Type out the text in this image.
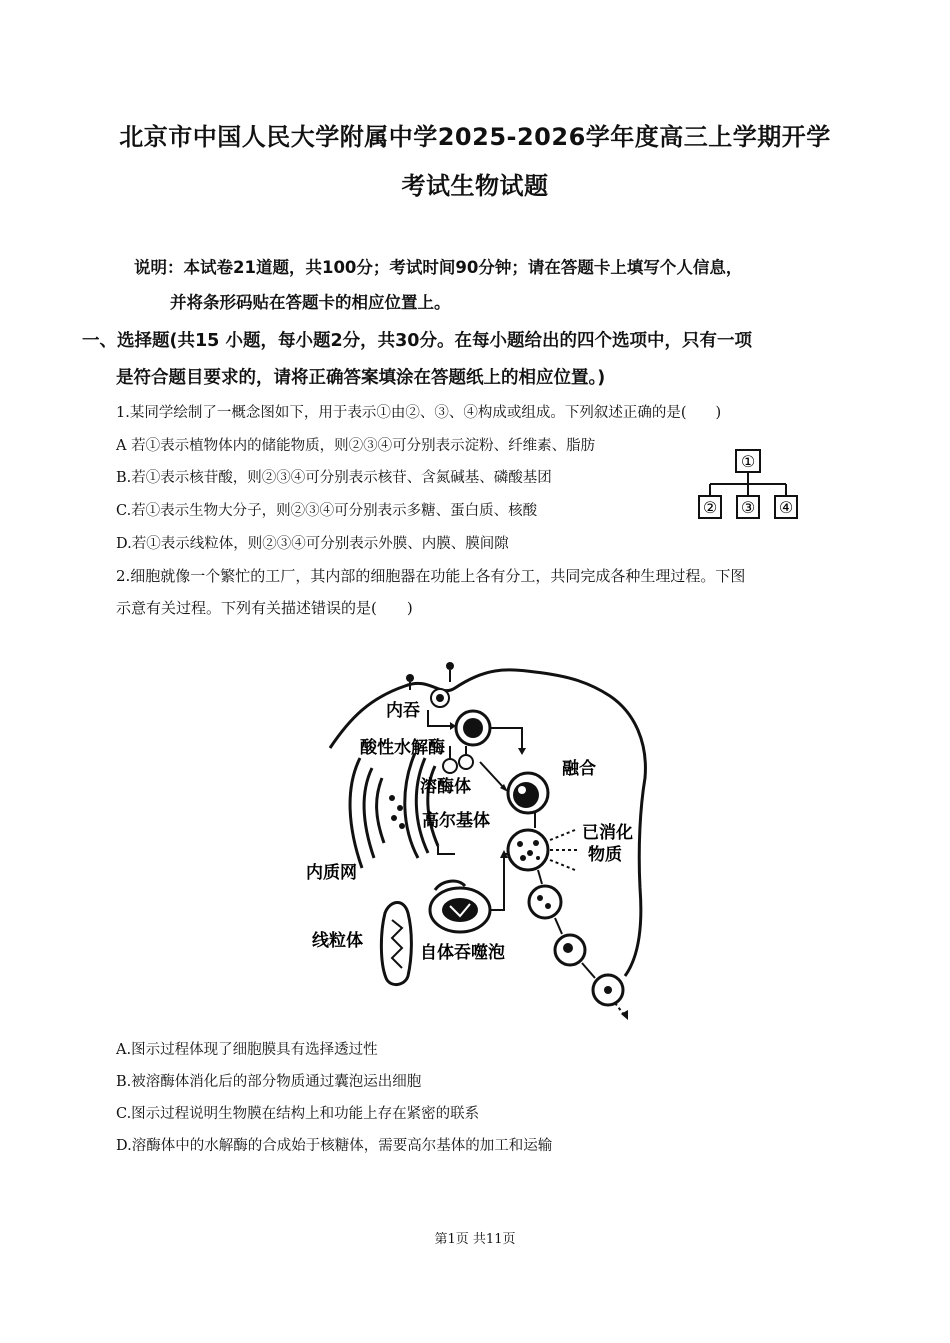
北京市中国人民大学附属中学2025-2026学年度高三上学期开学
考试生物试题
说明：本试卷21道题，共100分；考试时间90分钟；请在答题卡上填写个人信息，
并将条形码贴在答题卡的相应位置上。
一、选择题(共15 小题，每小题2分，共30分。在每小题给出的四个选项中，只有一项
是符合题目要求的，请将正确答案填涂在答题纸上的相应位置。)
1.某同学绘制了一概念图如下，用于表示①由②、③、④构成或组成。下列叙述正确的是(　　)
A 若①表示植物体内的储能物质，则②③④可分别表示淀粉、纤维素、脂肪
B.若①表示核苷酸，则②③④可分别表示核苷、含氮碱基、磷酸基团
C.若①表示生物大分子，则②③④可分别表示多糖、蛋白质、核酸
D.若①表示线粒体，则②③④可分别表示外膜、内膜、膜间隙
①
② ③ ④
2.细胞就像一个繁忙的工厂，其内部的细胞器在功能上各有分工，共同完成各种生理过程。下图
示意有关过程。下列有关描述错误的是(　　)
内吞
酸性水解酶
融合
溶酶体
高尔基体
已消化
物质
内质网
线粒体
自体吞噬泡
A.图示过程体现了细胞膜具有选择透过性
B.被溶酶体消化后的部分物质通过囊泡运出细胞
C.图示过程说明生物膜在结构上和功能上存在紧密的联系
D.溶酶体中的水解酶的合成始于核糖体，需要高尔基体的加工和运输
第1页 共11页
